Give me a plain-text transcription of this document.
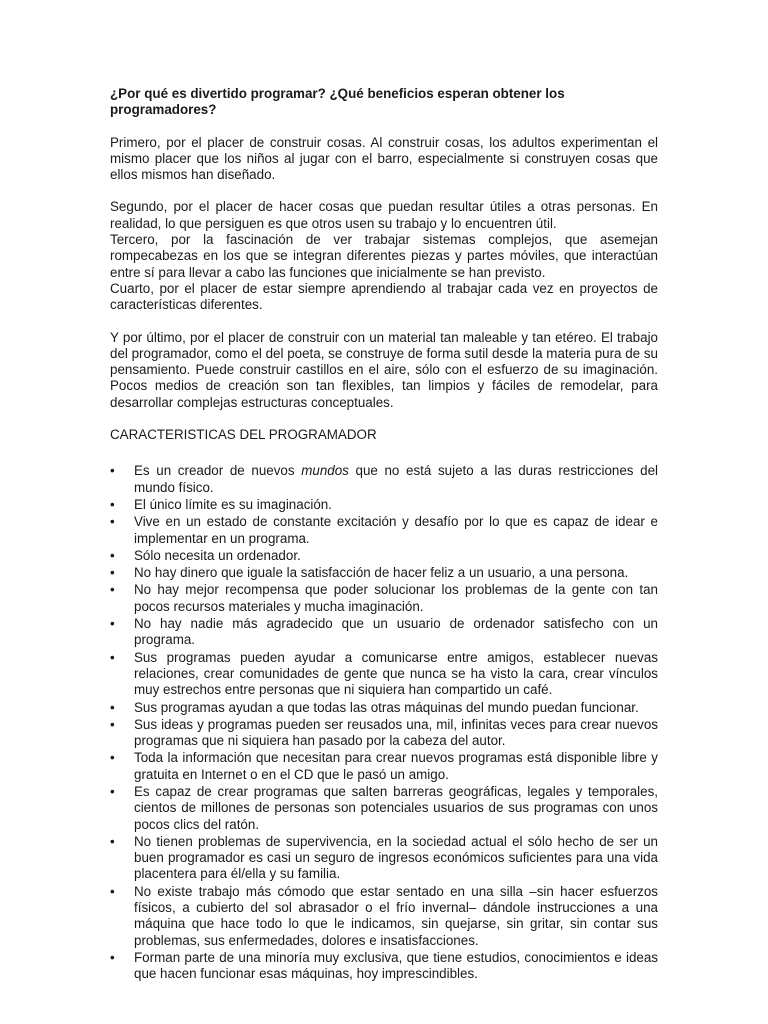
¿Por qué es divertido programar? ¿Qué beneficios esperan obtener los programadores?

Primero, por el placer de construir cosas. Al construir cosas, los adultos experimentan el mismo placer que los niños al jugar con el barro, especialmente si construyen cosas que ellos mismos han diseñado.
Segundo, por el placer de hacer cosas que puedan resultar útiles a otras personas. En realidad, lo que persiguen es que otros usen su trabajo y lo encuentren útil.
Tercero, por la fascinación de ver trabajar sistemas complejos, que asemejan rompecabezas en los que se integran diferentes piezas y partes móviles, que interactúan entre sí para llevar a cabo las funciones que inicialmente se han previsto.
Cuarto, por el placer de estar siempre aprendiendo al trabajar cada vez en proyectos de características diferentes.
Y por último, por el placer de construir con un material tan maleable y tan etéreo. El trabajo del programador, como el del poeta, se construye de forma sutil desde la materia pura de su pensamiento. Puede construir castillos en el aire, sólo con el esfuerzo de su imaginación. Pocos medios de creación son tan flexibles, tan limpios y fáciles de remodelar, para desarrollar complejas estructuras conceptuales.

CARACTERISTICAS DEL PROGRAMADOR

• Es un creador de nuevos mundos que no está sujeto a las duras restricciones del mundo físico.
• El único límite es su imaginación.
• Vive en un estado de constante excitación y desafío por lo que es capaz de idear e implementar en un programa.
• Sólo necesita un ordenador.
• No hay dinero que iguale la satisfacción de hacer feliz a un usuario, a una persona.
• No hay mejor recompensa que poder solucionar los problemas de la gente con tan pocos recursos materiales y mucha imaginación.
• No hay nadie más agradecido que un usuario de ordenador satisfecho con un programa.
• Sus programas pueden ayudar a comunicarse entre amigos, establecer nuevas relaciones, crear comunidades de gente que nunca se ha visto la cara, crear vínculos muy estrechos entre personas que ni siquiera han compartido un café.
• Sus programas ayudan a que todas las otras máquinas del mundo puedan funcionar.
• Sus ideas y programas pueden ser reusados una, mil, infinitas veces para crear nuevos programas que ni siquiera han pasado por la cabeza del autor.
• Toda la información que necesitan para crear nuevos programas está disponible libre y gratuita en Internet o en el CD que le pasó un amigo.
• Es capaz de crear programas que salten barreras geográficas, legales y temporales, cientos de millones de personas son potenciales usuarios de sus programas con unos pocos clics del ratón.
• No tienen problemas de supervivencia, en la sociedad actual el sólo hecho de ser un buen programador es casi un seguro de ingresos económicos suficientes para una vida placentera para él/ella y su familia.
• No existe trabajo más cómodo que estar sentado en una silla –sin hacer esfuerzos físicos, a cubierto del sol abrasador o el frío invernal– dándole instrucciones a una máquina que hace todo lo que le indicamos, sin quejarse, sin gritar, sin contar sus problemas, sus enfermedades, dolores e insatisfacciones.
• Forman parte de una minoría muy exclusiva, que tiene estudios, conocimientos e ideas que hacen funcionar esas máquinas, hoy imprescindibles.
